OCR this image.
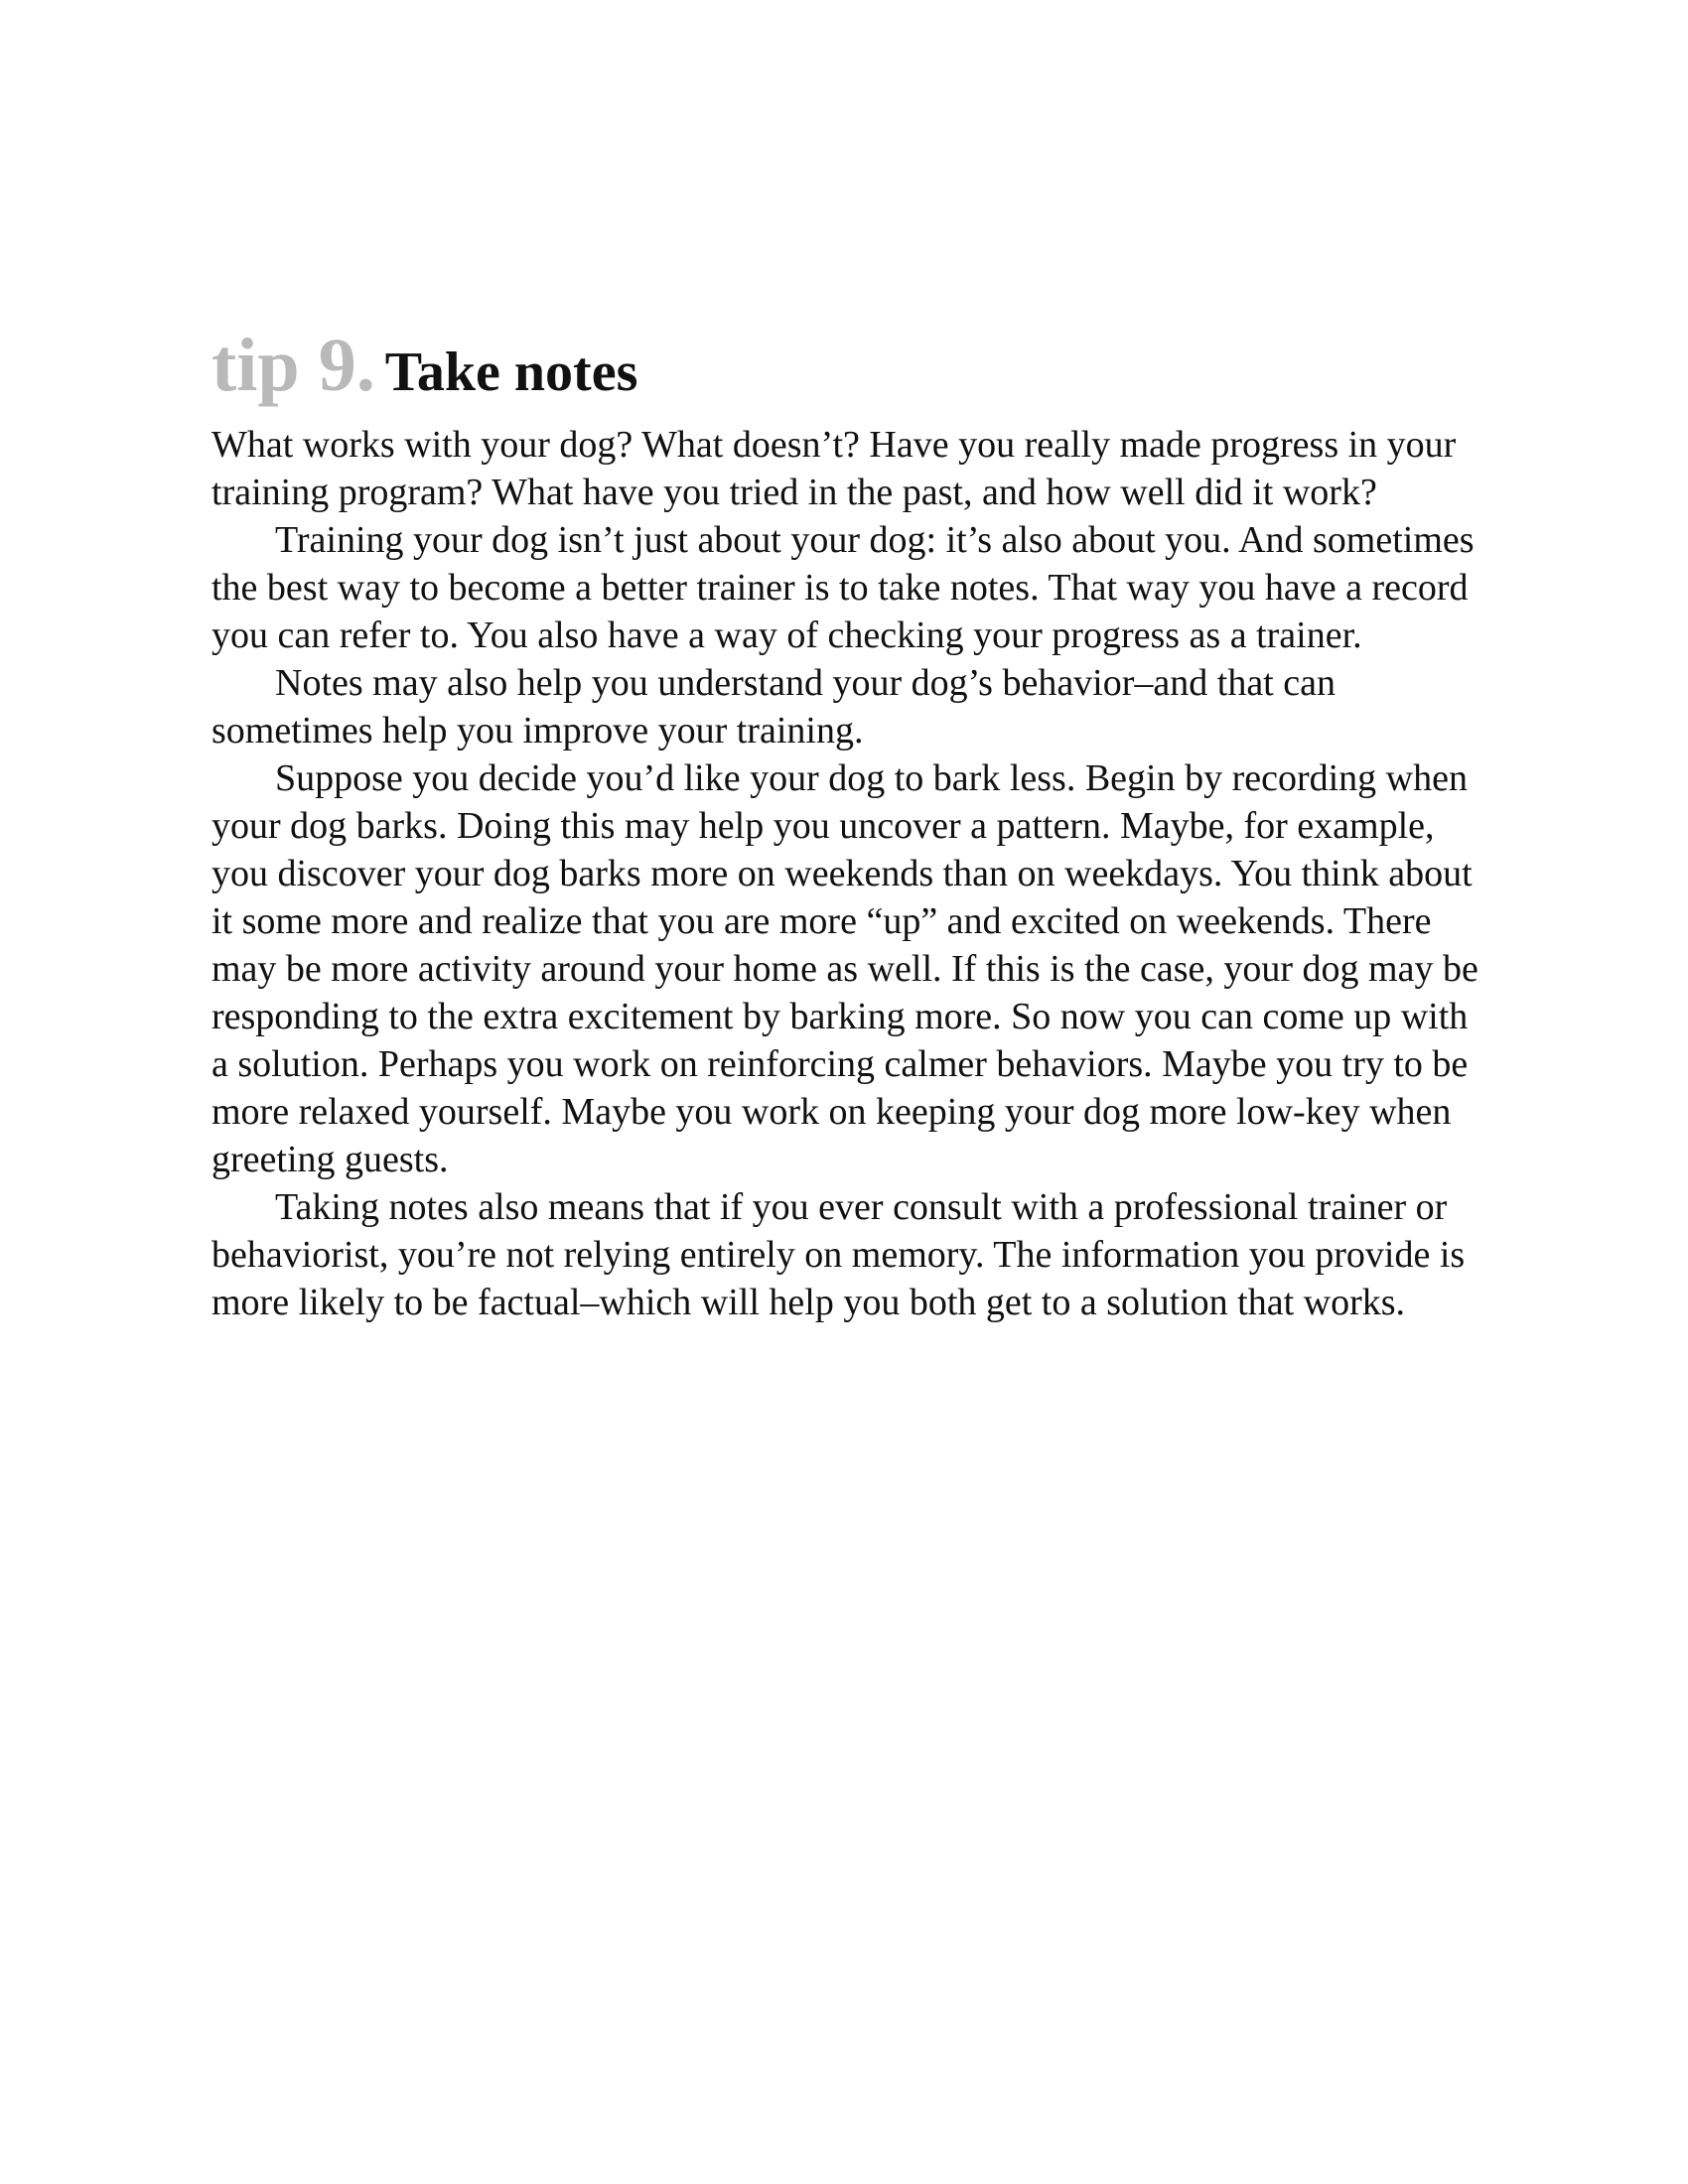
tip 9. Take notes

What works with your dog? What doesn’t? Have you really made progress in your training program? What have you tried in the past, and how well did it work?

Training your dog isn’t just about your dog: it’s also about you. And sometimes the best way to become a better trainer is to take notes. That way you have a record you can refer to. You also have a way of checking your progress as a trainer.

Notes may also help you understand your dog’s behavior–and that can sometimes help you improve your training.

Suppose you decide you’d like your dog to bark less. Begin by recording when your dog barks. Doing this may help you uncover a pattern. Maybe, for example, you discover your dog barks more on weekends than on weekdays. You think about it some more and realize that you are more “up” and excited on weekends. There may be more activity around your home as well. If this is the case, your dog may be responding to the extra excitement by barking more. So now you can come up with a solution. Perhaps you work on reinforcing calmer behaviors. Maybe you try to be more relaxed yourself. Maybe you work on keeping your dog more low-key when greeting guests.

Taking notes also means that if you ever consult with a professional trainer or behaviorist, you’re not relying entirely on memory. The information you provide is more likely to be factual–which will help you both get to a solution that works.
